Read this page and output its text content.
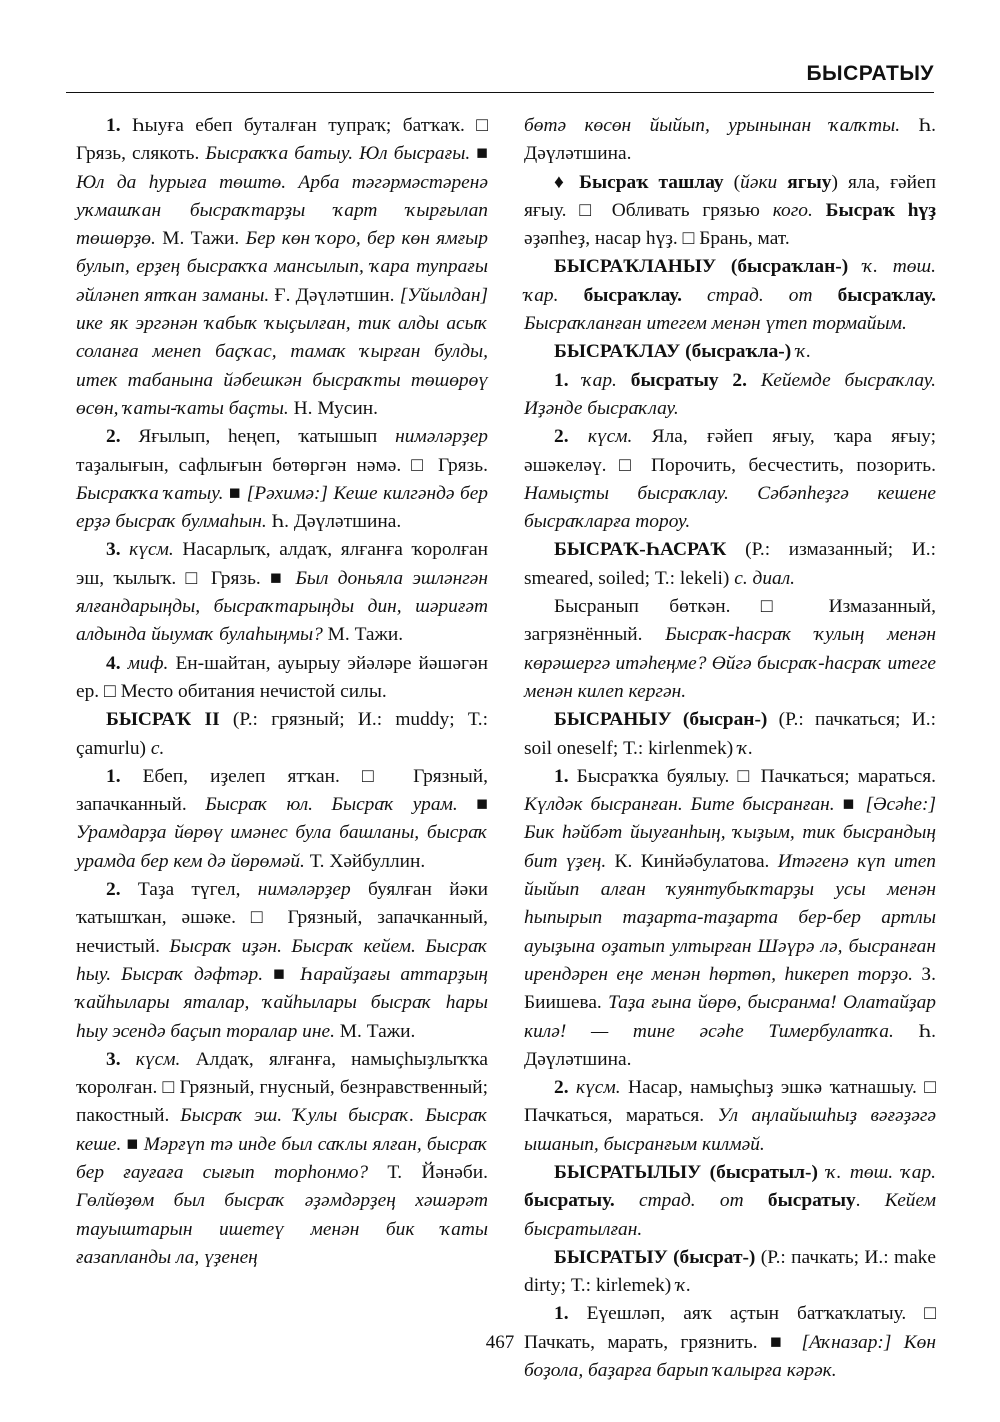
БЫСРАТЫУ

1. Һыуға ебеп буталған тупраҡ; батҡаҡ. □ Грязь, слякоть. Бысраҡҡа батыу. Юл бысрағы. ■ Юл да һурыға төштө. Арба тәгәрмәстәренә уҡмашҡан бысраҡтарҙы ҡарт ҡырғылап төшөрҙө. М. Тажи. Бер көн ҡоро, бер көн ямғыр булып, ерҙең бысраҡҡа мансылып, ҡара тупрағы әйләнеп ятҡан заманы. Ғ. Дәүләтшин. [Уйылдан] ике як эргәнән ҡабыҡ ҡыҫылған, тик алды асыҡ соланға менеп баҫҡас, тамаҡ ҡырған булды, итек табанына йәбешкән бысраҡты төшөрөү өсөн, ҡаты-ҡаты баҫты. Н. Мусин.

2. Яғылып, һеңеп, ҡатышып нимәләрҙер таҙалығын, сафлығын бөтөргән нәмә. □ Грязь. Бысраҡҡа ҡатыу. ■ [Рәхимә:] Кеше килгәндә бер ерҙә бысраҡ булмаһын. Һ. Дәүләтшина.

3. күсм. Насарлыҡ, алдаҡ, ялғанға ҡоролған эш, ҡылыҡ. □ Грязь. ■ Был доньяла эшләнгән ялғандарыңды, бысраҡтарыңды дин, шәриғәт алдында йыумаҡ булаһыңмы? М. Тажи.

4. миф. Ен-шайтан, ауырыу эйәләре йәшәгән ер. □ Место обитания нечистой силы.

БЫСРАҠ II (Р.: грязный; И.: muddy; Т.: çamurlu) с.

1. Ебеп, иҙелеп ятҡан. □ Грязный, запачканный. Бысраҡ юл. Бысраҡ урам. ■ Урамдарҙа йөрөү имәнес була башланы, бысраҡ урамда бер кем дә йөрөмәй. Т. Хәйбуллин.

2. Таҙа түгел, нимәләрҙер буялған йәки ҡатышҡан, әшәке. □ Грязный, запачканный, нечистый. Бысраҡ иҙән. Бысраҡ кейем. Бысраҡ һыу. Бысраҡ дәфтәр. ■ Һарайҙағы аттарҙың ҡайһылары яталар, ҡайһылары бысраҡ һары һыу эсендә баҫып торалар ине. М. Тажи.

3. күсм. Алдаҡ, ялғанға, намыҫһыҙлыҡҡа ҡоролған. □ Грязный, гнусный, безнравственный; пакостный. Бысраҡ эш. Ҡулы бысраҡ. Бысраҡ кеше. ■ Мәрғүп тә инде был саҡлы ялған, бысраҡ бер ғауғаға сығып торһонмо? Т. Йәнәби. Гөлйөҙөм был бысраҡ әҙәмдәрҙең хәшәрәт тауыштарын ишетеү менән бик ҡаты ғазапланды ла, үҙенең

бөтә көсөн йыйып, урынынан ҡалҡты. Һ. Дәүләтшина.

♦ Бысраҡ ташлау (йәки ягыу) яла, ғәйеп яғыу. □ Обливать грязью кого. Бысраҡ һүҙ әҙәпһеҙ, насар һүҙ. □ Брань, мат.

БЫСРАҠЛАНЫУ (бысраҡлан-) ҡ. төш. ҡар. бысраҡлау. страд. от бысраҡлау. Бысраҡланған итегем менән үтеп тормайым.

БЫСРАҠЛАУ (бысраҡла-) ҡ.

1. ҡар. бысратыу 2. Кейемде бысраҡлау. Иҙәнде бысраҡлау.

2. күсм. Яла, ғәйеп яғыу, ҡара яғыу; әшәкеләү. □ Порочить, бесчестить, позорить. Намыҫты бысраҡлау. Сәбәпһеҙгә кешене бысраҡларға тороу.

БЫСРАҠ-ҺАСРАҠ (Р.: измазанный; И.: smeared, soiled; Т.: lekeli) с. диал.

Бысранып бөткән. □ Измазанный, загрязнённый. Бысраҡ-һасраҡ ҡулың менән көрәшергә итәһеңме? Өйгә бысраҡ-һасраҡ итеге менән килеп кергән.

БЫСРАНЫУ (бысран-) (Р.: пачкаться; И.: soil oneself; Т.: kirlenmek) ҡ.

1. Бысраҡҡа буялыу. □ Пачкаться; мараться. Күлдәк бысранған. Бите бысранған. ■ [Әсәһе:] Бик һәйбәт йыуғанһың, ҡыҙым, тик бысрандың бит үҙең. К. Кинйәбулатова. Итәгенә күп итеп йыйып алған ҡуянтубыҡтарҙы усы менән һыпырып таҙарта-таҙарта бер-бер артлы ауыҙына оҙатып ултырған Шәүрә лә, бысранған ирендәрен еңе менән һөртөп, һикереп торҙо. З. Биишева. Таҙа ғына йөрө, бысранма! Олатайҙар килә! — тине әсәһе Тимербулатҡа. Һ. Дәүләтшина.

2. күсм. Насар, намыҫһыҙ эшкә ҡатнашыу. □ Пачкаться, мараться. Ул аңлайышһыҙ вәғәҙәгә ышанып, бысранғым килмәй.

БЫСРАТЫЛЫУ (бысратыл-) ҡ. төш. ҡар. бысратыу. страд. от бысратыу. Кейем бысратылған.

БЫСРАТЫУ (бысрат-) (Р.: пачкать; И.: make dirty; Т.: kirlemek) ҡ.

1. Еүешләп, аяҡ аҫтын батҡаҡлатыу. □ Пачкать, марать, грязнить. ■ [Аҡназар:] Көн боҙола, баҙарға барып ҡалырға кәрәк.

467
